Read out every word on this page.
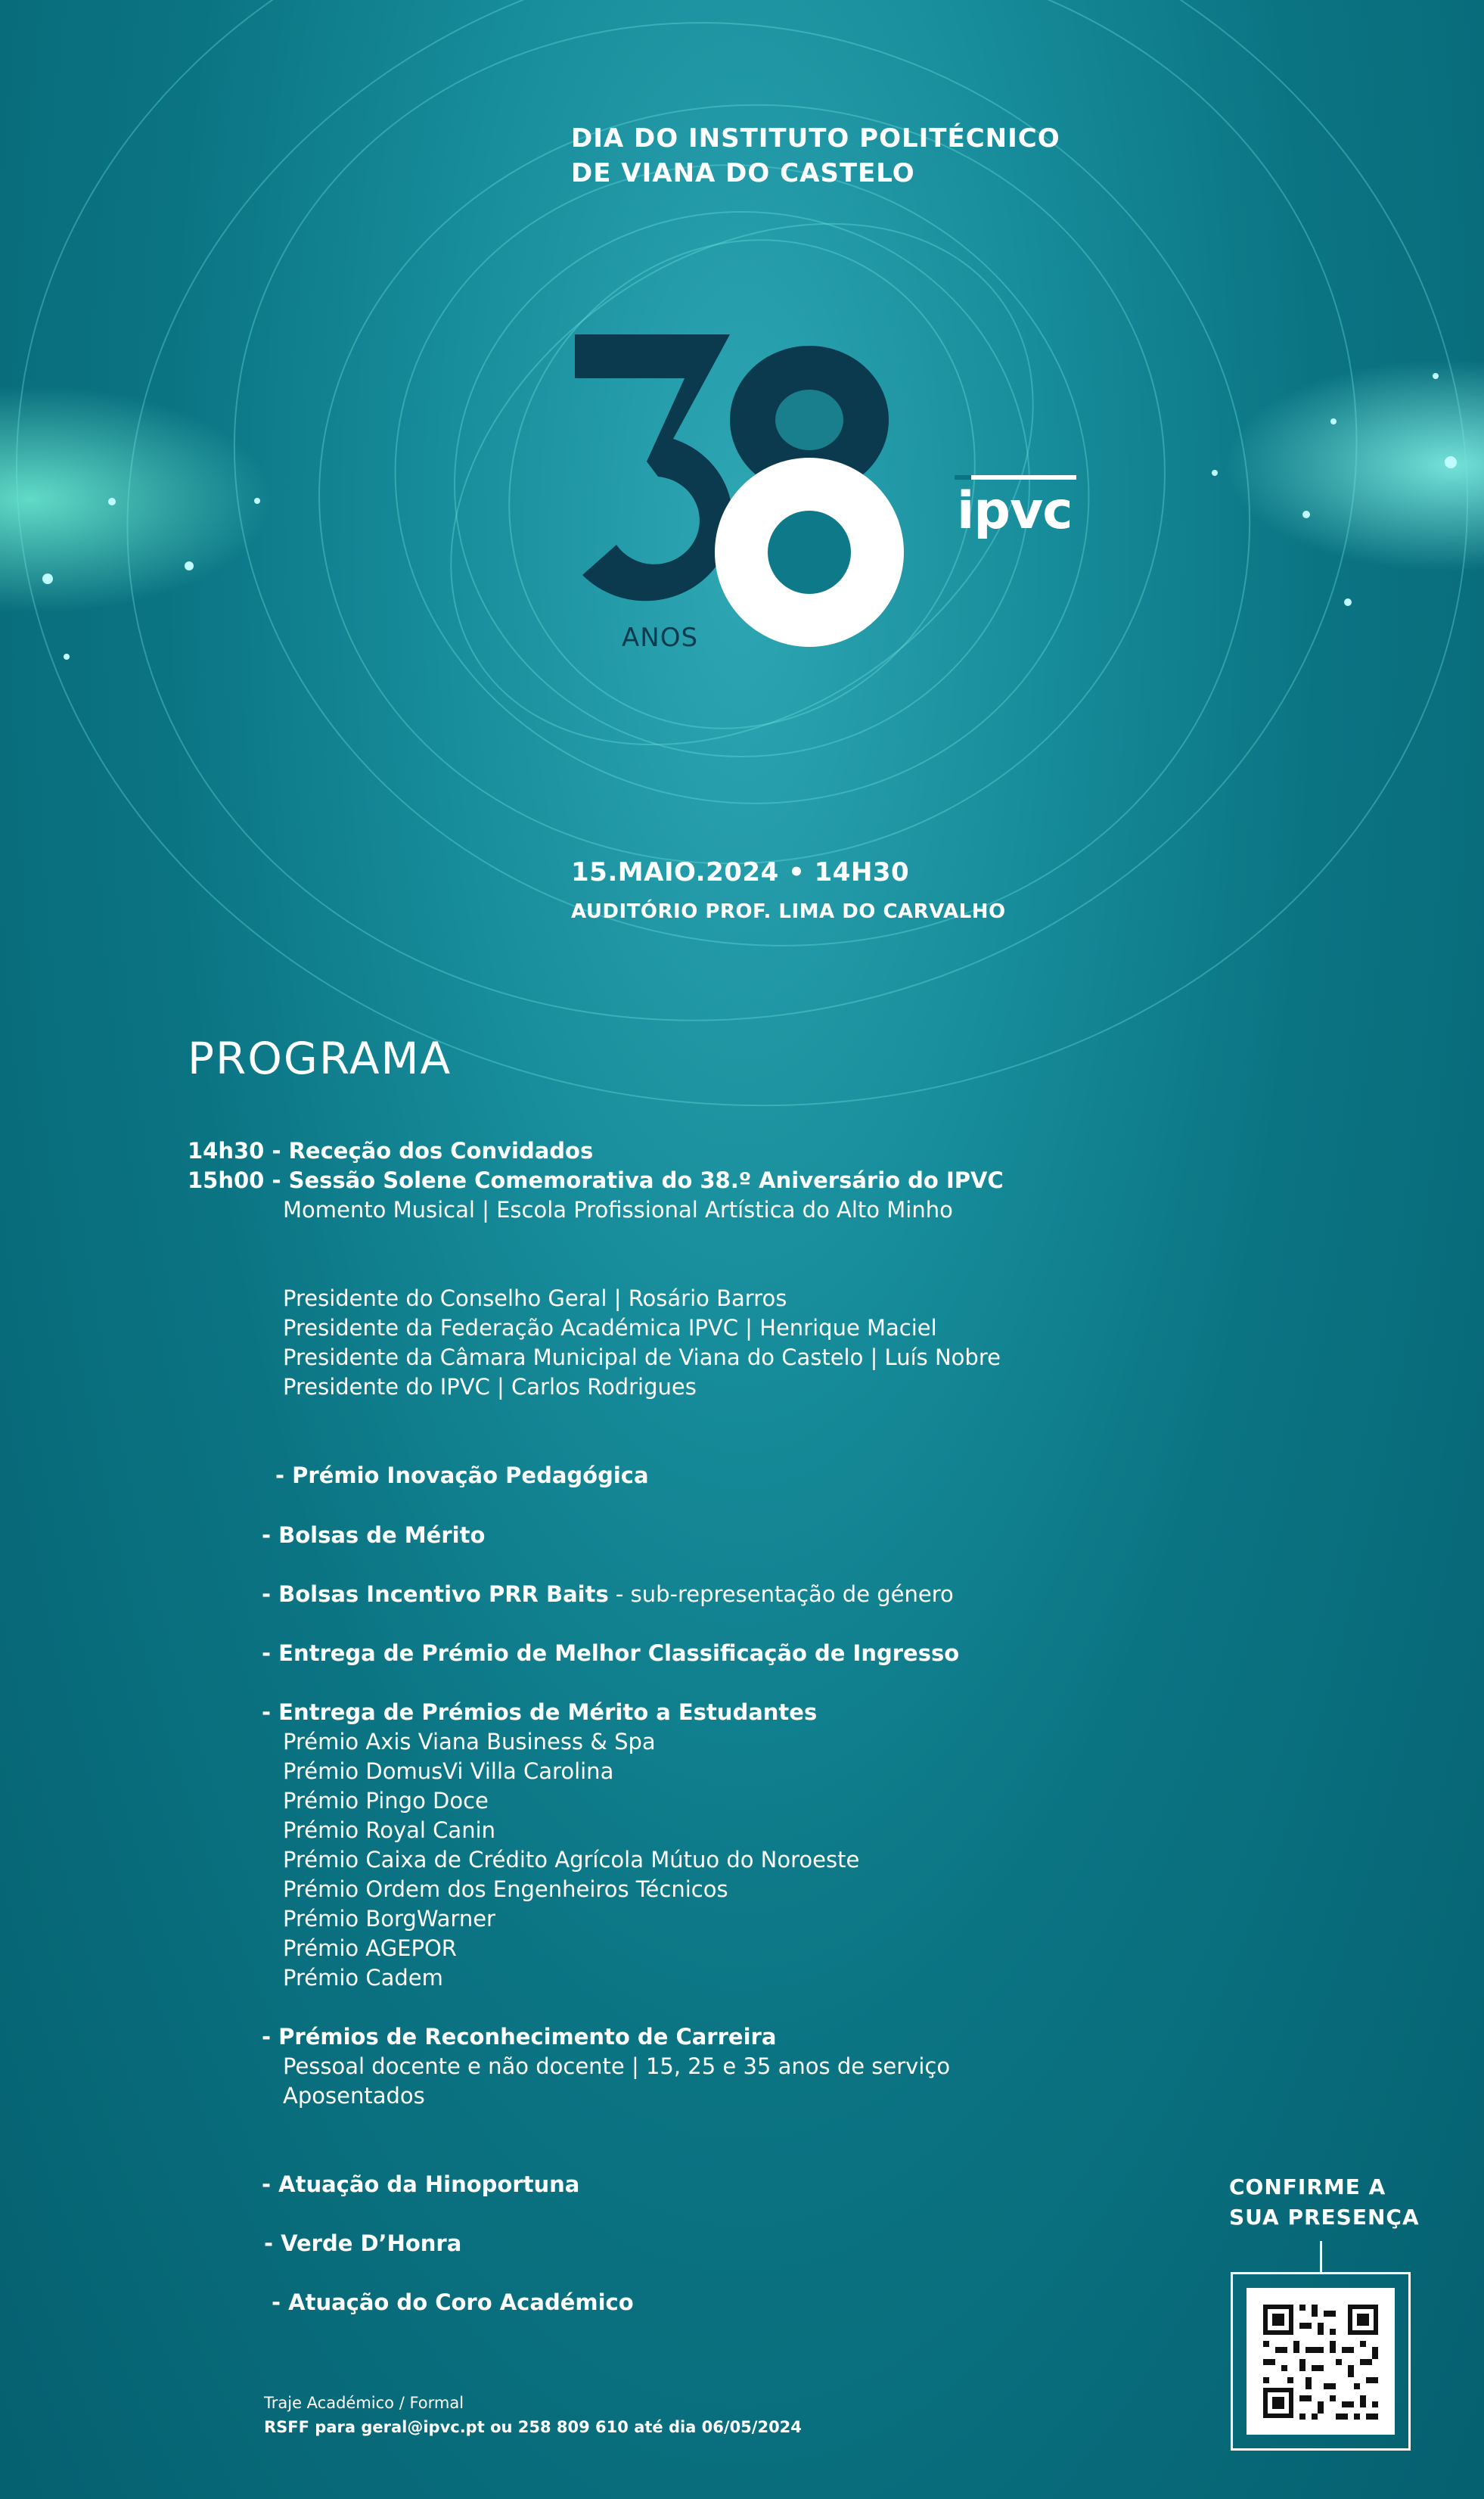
DIA DO INSTITUTO POLITÉCNICO
DE VIANA DO CASTELO
ANOS
ipvc
15.MAIO.2024 • 14H30
AUDITÓRIO PROF. LIMA DO CARVALHO
PROGRAMA
14h30 - Receção dos Convidados
15h00 - Sessão Solene Comemorativa do 38.º Aniversário do IPVC
Momento Musical | Escola Profissional Artística do Alto Minho
Presidente do Conselho Geral | Rosário Barros
Presidente da Federação Académica IPVC | Henrique Maciel
Presidente da Câmara Municipal de Viana do Castelo | Luís Nobre
Presidente do IPVC | Carlos Rodrigues
- Prémio Inovação Pedagógica
- Bolsas de Mérito
- Bolsas Incentivo PRR Baits - sub-representação de género
- Entrega de Prémio de Melhor Classificação de Ingresso
- Entrega de Prémios de Mérito a Estudantes
Prémio Axis Viana Business & Spa
Prémio DomusVi Villa Carolina
Prémio Pingo Doce
Prémio Royal Canin
Prémio Caixa de Crédito Agrícola Mútuo do Noroeste
Prémio Ordem dos Engenheiros Técnicos
Prémio BorgWarner
Prémio AGEPOR
Prémio Cadem
- Prémios de Reconhecimento de Carreira
Pessoal docente e não docente | 15, 25 e 35 anos de serviço
Aposentados
- Atuação da Hinoportuna
- Verde D’Honra
- Atuação do Coro Académico
Traje Académico / Formal
RSFF para geral@ipvc.pt ou 258 809 610 até dia 06/05/2024
CONFIRME A
SUA PRESENÇA
